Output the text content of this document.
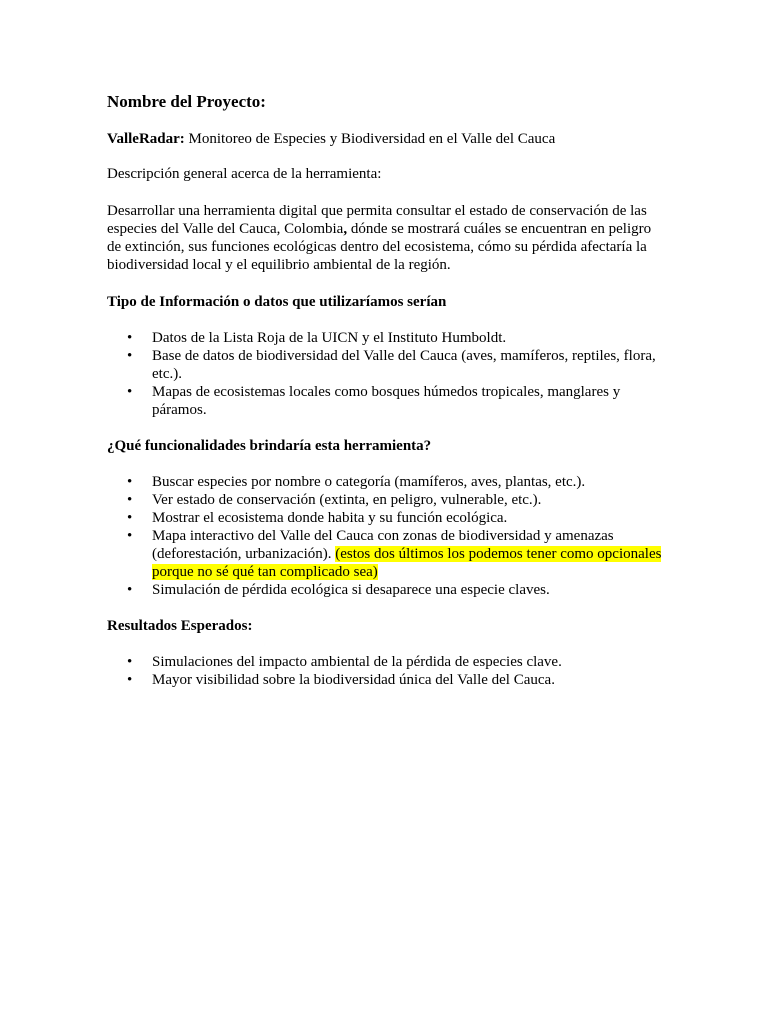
Nombre del Proyecto:

ValleRadar: Monitoreo de Especies y Biodiversidad en el Valle del Cauca

Descripción general acerca de la herramienta:

Desarrollar una herramienta digital que permita consultar el estado de conservación de las especies del Valle del Cauca, Colombia, dónde se mostrará cuáles se encuentran en peligro de extinción, sus funciones ecológicas dentro del ecosistema, cómo su pérdida afectaría la biodiversidad local y el equilibrio ambiental de la región.

Tipo de Información o datos que utilizaríamos serían

• Datos de la Lista Roja de la UICN y el Instituto Humboldt.
• Base de datos de biodiversidad del Valle del Cauca (aves, mamíferos, reptiles, flora, etc.).
• Mapas de ecosistemas locales como bosques húmedos tropicales, manglares y páramos.

¿Qué funcionalidades brindaría esta herramienta?

• Buscar especies por nombre o categoría (mamíferos, aves, plantas, etc.).
• Ver estado de conservación (extinta, en peligro, vulnerable, etc.).
• Mostrar el ecosistema donde habita y su función ecológica.
• Mapa interactivo del Valle del Cauca con zonas de biodiversidad y amenazas (deforestación, urbanización). (estos dos últimos los podemos tener como opcionales porque no sé qué tan complicado sea)
• Simulación de pérdida ecológica si desaparece una especie claves.

Resultados Esperados:

• Simulaciones del impacto ambiental de la pérdida de especies clave.
• Mayor visibilidad sobre la biodiversidad única del Valle del Cauca.
